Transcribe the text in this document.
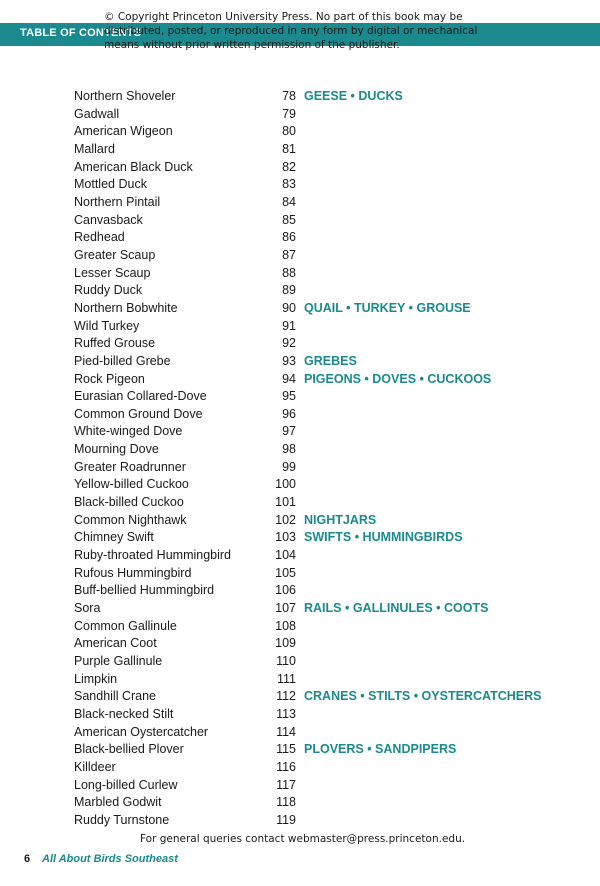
TABLE OF CONTENTS
© Copyright Princeton University Press. No part of this book may be
distributed, posted, or reproduced in any form by digital or mechanical
means without prior written permission of the publisher.
Northern Shoveler	78 GEESE • DUCKS
Gadwall	79
American Wigeon	80
Mallard	81
American Black Duck	82
Mottled Duck	83
Northern Pintail	84
Canvasback	85
Redhead	86
Greater Scaup	87
Lesser Scaup	88
Ruddy Duck	89
Northern Bobwhite	90 QUAIL • TURKEY • GROUSE
Wild Turkey	91
Ruffed Grouse	92
Pied-billed Grebe	93 GREBES
Rock Pigeon	94 PIGEONS • DOVES • CUCKOOS
Eurasian Collared-Dove	95
Common Ground Dove	96
White-winged Dove	97
Mourning Dove	98
Greater Roadrunner	99
Yellow-billed Cuckoo	100
Black-billed Cuckoo	101
Common Nighthawk	102 NIGHTJARS
Chimney Swift	103 SWIFTS • HUMMINGBIRDS
Ruby-throated Hummingbird	104
Rufous Hummingbird	105
Buff-bellied Hummingbird	106
Sora	107 RAILS • GALLINULES • COOTS
Common Gallinule	108
American Coot	109
Purple Gallinule	110
Limpkin	111
Sandhill Crane	112 CRANES • STILTS • OYSTERCATCHERS
Black-necked Stilt	113
American Oystercatcher	114
Black-bellied Plover	115 PLOVERS • SANDPIPERS
Killdeer	116
Long-billed Curlew	117
Marbled Godwit	118
Ruddy Turnstone	119
For general queries contact webmaster@press.princeton.edu.
6 All About Birds Southeast
